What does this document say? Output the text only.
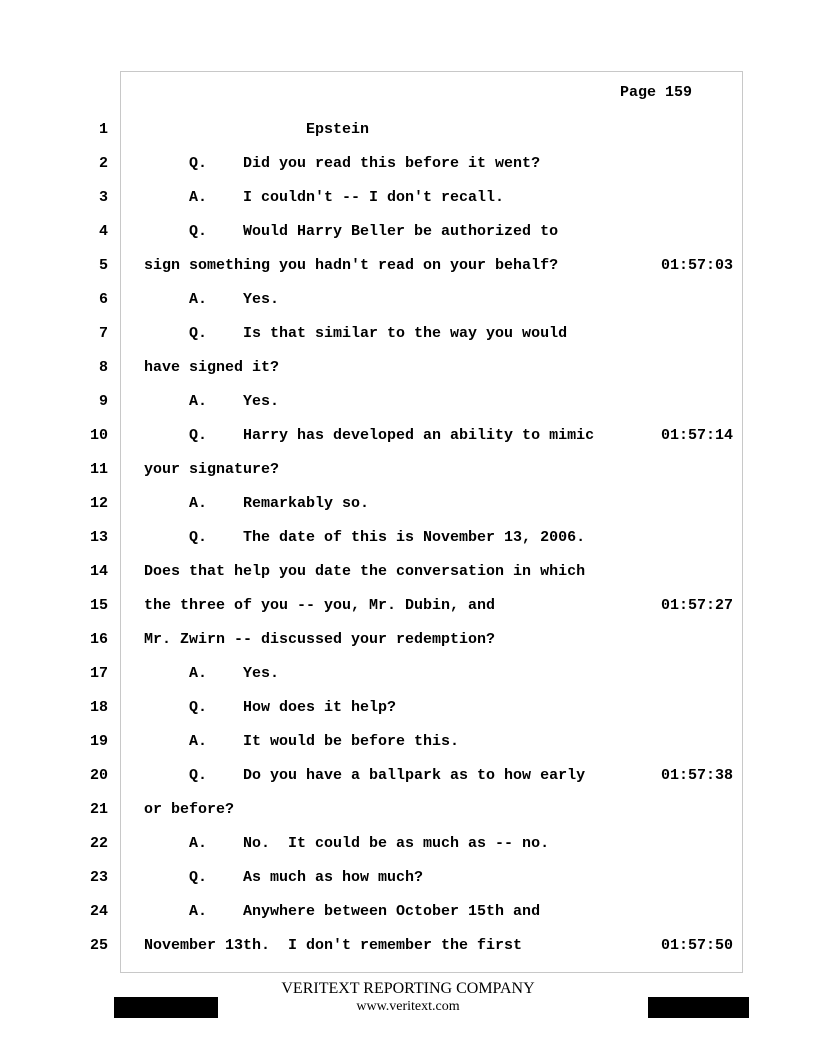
Page 159
1 Epstein
2 Q.    Did you read this before it went?
3 A.    I couldn't -- I don't recall.
4 Q.    Would Harry Beller be authorized to
5 sign something you hadn't read on your behalf?	01:57:03
6 A.    Yes.
7 Q.    Is that similar to the way you would
8 have signed it?
9 A.    Yes.
10 Q.    Harry has developed an ability to mimic	01:57:14
11 your signature?
12 A.    Remarkably so.
13 Q.    The date of this is November 13, 2006.
14 Does that help you date the conversation in which
15 the three of you -- you, Mr. Dubin, and	01:57:27
16 Mr. Zwirn -- discussed your redemption?
17 A.    Yes.
18 Q.    How does it help?
19 A.    It would be before this.
20 Q.    Do you have a ballpark as to how early	01:57:38
21 or before?
22 A.    No.  It could be as much as -- no.
23 Q.    As much as how much?
24 A.    Anywhere between October 15th and
25 November 13th.  I don't remember the first	01:57:50
VERITEXT REPORTING COMPANY
www.veritext.com
